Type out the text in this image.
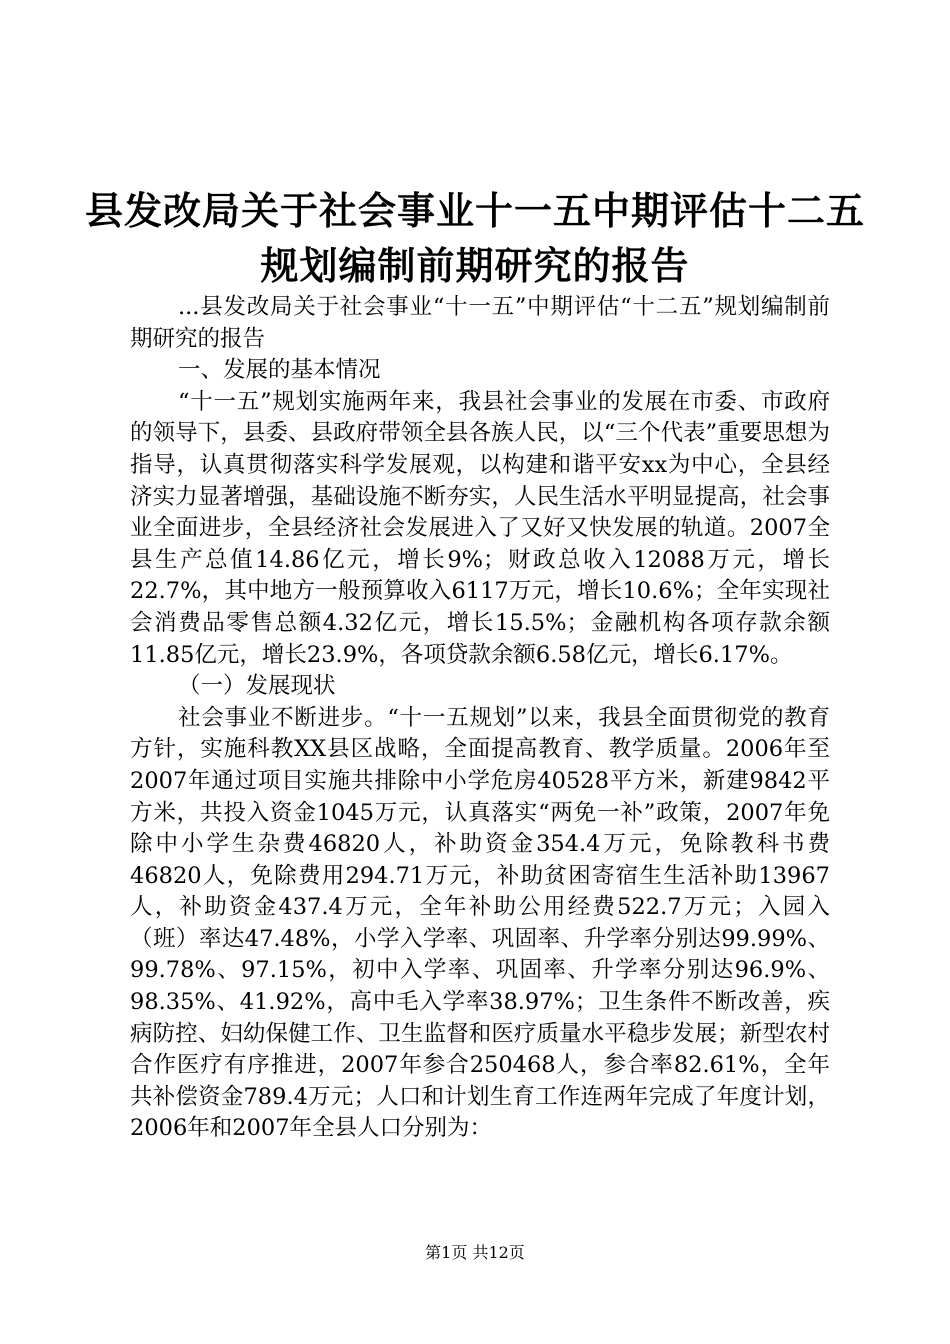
县发改局关于社会事业十一五中期评估十二五
规划编制前期研究的报告

...县发改局关于社会事业“十一五”中期评估“十二五”规划编制前期研究的报告

一、发展的基本情况

“十一五”规划实施两年来，我县社会事业的发展在市委、市政府的领导下，县委、县政府带领全县各族人民，以“三个代表”重要思想为指导，认真贯彻落实科学发展观，以构建和谐平安xx为中心，全县经济实力显著增强，基础设施不断夯实，人民生活水平明显提高，社会事业全面进步，全县经济社会发展进入了又好又快发展的轨道。2007全县生产总值14.86亿元，增长9%；财政总收入12088万元，增长22.7%，其中地方一般预算收入6117万元，增长10.6%；全年实现社会消费品零售总额4.32亿元，增长15.5%；金融机构各项存款余额11.85亿元，增长23.9%，各项贷款余额6.58亿元，增长6.17%。

（一）发展现状

社会事业不断进步。“十一五规划”以来，我县全面贯彻党的教育方针，实施科教XX县区战略，全面提高教育、教学质量。2006年至2007年通过项目实施共排除中小学危房40528平方米，新建9842平方米，共投入资金1045万元，认真落实“两免一补”政策，2007年免除中小学生杂费46820人，补助资金354.4万元，免除教科书费46820人，免除费用294.71万元，补助贫困寄宿生生活补助13967人，补助资金437.4万元，全年补助公用经费522.7万元；入园入（班）率达47.48%，小学入学率、巩固率、升学率分别达99.99%、99.78%、97.15%，初中入学率、巩固率、升学率分别达96.9%、98.35%、41.92%，高中毛入学率38.97%；卫生条件不断改善，疾病防控、妇幼保健工作、卫生监督和医疗质量水平稳步发展；新型农村合作医疗有序推进，2007年参合250468人，参合率82.61%，全年共补偿资金789.4万元；人口和计划生育工作连两年完成了年度计划，2006年和2007年全县人口分别为：

第1页 共12页
